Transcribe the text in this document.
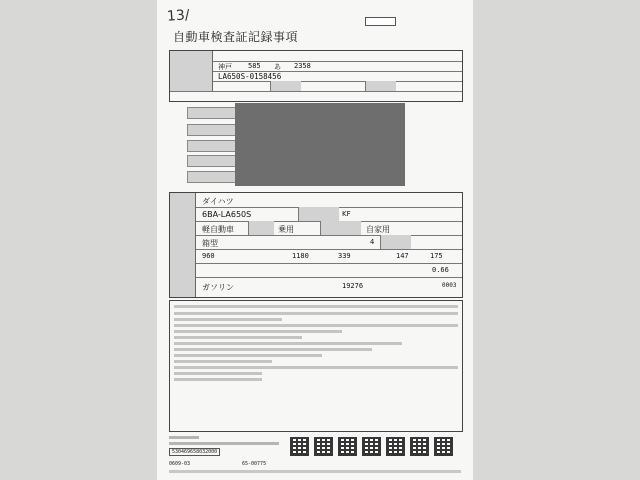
13/

自動車検査証記録事項
神戸 585 あ 2358
LA650S-0158456
ダイハツ
6BA-LA650S	KF
軽自動車	乗用	自家用
箱型	4
960	1180	339	147	175
0.66
ガソリン	19276	0003
530469658032000
0609-03	65-00775
